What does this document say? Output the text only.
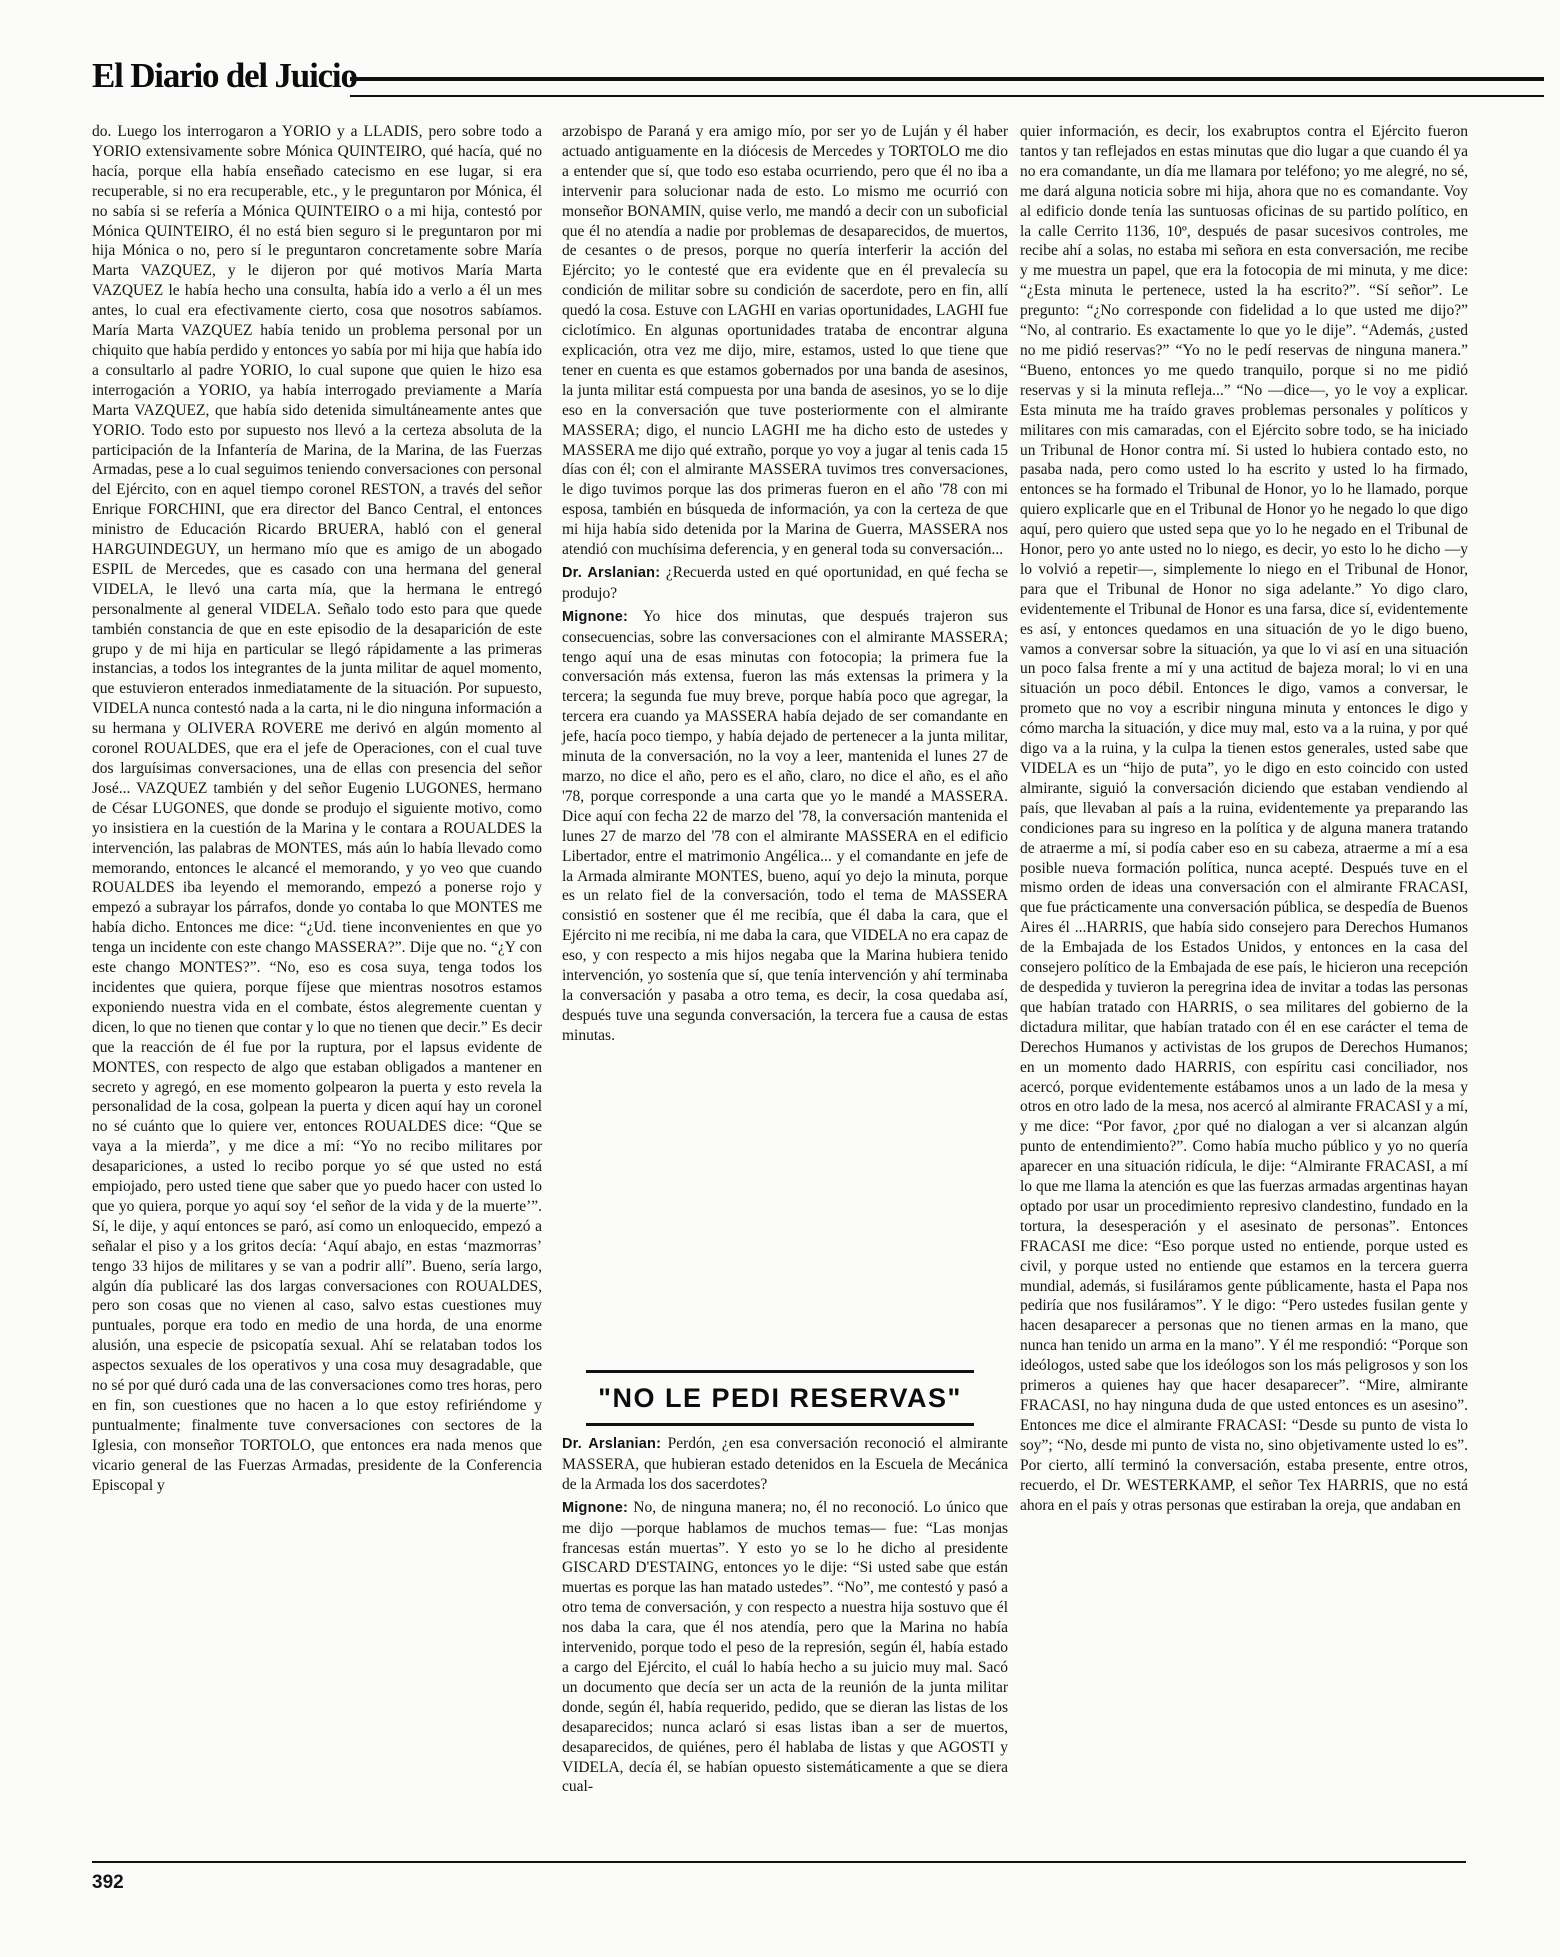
El Diario del Juicio

do. Luego los interrogaron a YORIO y a LLADIS, pero sobre todo a YORIO extensivamente sobre Mónica QUINTEIRO, qué hacía, qué no hacía, porque ella había enseñado catecismo en ese lugar, si era recuperable, si no era recuperable, etc., y le preguntaron por Mónica, él no sabía si se refería a Mónica QUINTEIRO o a mi hija, contestó por Mónica QUINTEIRO, él no está bien seguro si le preguntaron por mi hija Mónica o no, pero sí le preguntaron concretamente sobre María Marta VAZQUEZ, y le dijeron por qué motivos María Marta VAZQUEZ le había hecho una consulta, había ido a verlo a él un mes antes, lo cual era efectivamente cierto, cosa que nosotros sabíamos. María Marta VAZQUEZ había tenido un problema personal por un chiquito que había perdido y entonces yo sabía por mi hija que había ido a consultarlo al padre YORIO, lo cual supone que quien le hizo esa interrogación a YORIO, ya había interrogado previamente a María Marta VAZQUEZ, que había sido detenida simultáneamente antes que YORIO. Todo esto por supuesto nos llevó a la certeza absoluta de la participación de la Infantería de Marina, de la Marina, de las Fuerzas Armadas, pese a lo cual seguimos teniendo conversaciones con personal del Ejército, con en aquel tiempo coronel RESTON, a través del señor Enrique FORCHINI, que era director del Banco Central, el entonces ministro de Educación Ricardo BRUERA, habló con el general HARGUINDEGUY, un hermano mío que es amigo de un abogado ESPIL de Mercedes, que es casado con una hermana del general VIDELA, le llevó una carta mía, que la hermana le entregó personalmente al general VIDELA. Señalo todo esto para que quede también constancia de que en este episodio de la desaparición de este grupo y de mi hija en particular se llegó rápidamente a las primeras instancias, a todos los integrantes de la junta militar de aquel momento, que estuvieron enterados inmediatamente de la situación. Por supuesto, VIDELA nunca contestó nada a la carta, ni le dio ninguna información a su hermana y OLIVERA ROVERE me derivó en algún momento al coronel ROUALDES, que era el jefe de Operaciones, con el cual tuve dos larguísimas conversaciones, una de ellas con presencia del señor José... VAZQUEZ también y del señor Eugenio LUGONES, hermano de César LUGONES, que donde se produjo el siguiente motivo, como yo insistiera en la cuestión de la Marina y le contara a ROUALDES la intervención, las palabras de MONTES, más aún lo había llevado como memorando, entonces le alcancé el memorando, y yo veo que cuando ROUALDES iba leyendo el memorando, empezó a ponerse rojo y empezó a subrayar los párrafos, donde yo contaba lo que MONTES me había dicho. Entonces me dice: “¿Ud. tiene inconvenientes en que yo tenga un incidente con este chango MASSERA?”. Dije que no. “¿Y con este chango MONTES?”. “No, eso es cosa suya, tenga todos los incidentes que quiera, porque fíjese que mientras nosotros estamos exponiendo nuestra vida en el combate, éstos alegremente cuentan y dicen, lo que no tienen que contar y lo que no tienen que decir.” Es decir que la reacción de él fue por la ruptura, por el lapsus evidente de MONTES, con respecto de algo que estaban obligados a mantener en secreto y agregó, en ese momento golpearon la puerta y esto revela la personalidad de la cosa, golpean la puerta y dicen aquí hay un coronel no sé cuánto que lo quiere ver, entonces ROUALDES dice: “Que se vaya a la mierda”, y me dice a mí: “Yo no recibo militares por desapariciones, a usted lo recibo porque yo sé que usted no está empiojado, pero usted tiene que saber que yo puedo hacer con usted lo que yo quiera, porque yo aquí soy ‘el señor de la vida y de la muerte’”. Sí, le dije, y aquí entonces se paró, así como un enloquecido, empezó a señalar el piso y a los gritos decía: ‘Aquí abajo, en estas ‘mazmorras’ tengo 33 hijos de militares y se van a podrir allí”. Bueno, sería largo, algún día publicaré las dos largas conversaciones con ROUALDES, pero son cosas que no vienen al caso, salvo estas cuestiones muy puntuales, porque era todo en medio de una horda, de una enorme alusión, una especie de psicopatía sexual. Ahí se relataban todos los aspectos sexuales de los operativos y una cosa muy desagradable, que no sé por qué duró cada una de las conversaciones como tres horas, pero en fin, son cuestiones que no hacen a lo que estoy refiriéndome y puntualmente; finalmente tuve conversaciones con sectores de la Iglesia, con monseñor TORTOLO, que entonces era nada menos que vicario general de las Fuerzas Armadas, presidente de la Conferencia Episcopal y

arzobispo de Paraná y era amigo mío, por ser yo de Luján y él haber actuado antiguamente en la diócesis de Mercedes y TORTOLO me dio a entender que sí, que todo eso estaba ocurriendo, pero que él no iba a intervenir para solucionar nada de esto. Lo mismo me ocurrió con monseñor BONAMIN, quise verlo, me mandó a decir con un suboficial que él no atendía a nadie por problemas de desaparecidos, de muertos, de cesantes o de presos, porque no quería interferir la acción del Ejército; yo le contesté que era evidente que en él prevalecía su condición de militar sobre su condición de sacerdote, pero en fin, allí quedó la cosa. Estuve con LAGHI en varias oportunidades, LAGHI fue ciclotímico. En algunas oportunidades trataba de encontrar alguna explicación, otra vez me dijo, mire, estamos, usted lo que tiene que tener en cuenta es que estamos gobernados por una banda de asesinos, la junta militar está compuesta por una banda de asesinos, yo se lo dije eso en la conversación que tuve posteriormente con el almirante MASSERA; digo, el nuncio LAGHI me ha dicho esto de ustedes y MASSERA me dijo qué extraño, porque yo voy a jugar al tenis cada 15 días con él; con el almirante MASSERA tuvimos tres conversaciones, le digo tuvimos porque las dos primeras fueron en el año '78 con mi esposa, también en búsqueda de información, ya con la certeza de que mi hija había sido detenida por la Marina de Guerra, MASSERA nos atendió con muchísima deferencia, y en general toda su conversación...

Dr. Arslanian: ¿Recuerda usted en qué oportunidad, en qué fecha se produjo?

Mignone: Yo hice dos minutas, que después trajeron sus consecuencias, sobre las conversaciones con el almirante MASSERA; tengo aquí una de esas minutas con fotocopia; la primera fue la conversación más extensa, fueron las más extensas la primera y la tercera; la segunda fue muy breve, porque había poco que agregar, la tercera era cuando ya MASSERA había dejado de ser comandante en jefe, hacía poco tiempo, y había dejado de pertenecer a la junta militar, minuta de la conversación, no la voy a leer, mantenida el lunes 27 de marzo, no dice el año, pero es el año, claro, no dice el año, es el año '78, porque corresponde a una carta que yo le mandé a MASSERA. Dice aquí con fecha 22 de marzo del '78, la conversación mantenida el lunes 27 de marzo del '78 con el almirante MASSERA en el edificio Libertador, entre el matrimonio Angélica... y el comandante en jefe de la Armada almirante MONTES, bueno, aquí yo dejo la minuta, porque es un relato fiel de la conversación, todo el tema de MASSERA consistió en sostener que él me recibía, que él daba la cara, que el Ejército ni me recibía, ni me daba la cara, que VIDELA no era capaz de eso, y con respecto a mis hijos negaba que la Marina hubiera tenido intervención, yo sostenía que sí, que tenía intervención y ahí terminaba la conversación y pasaba a otro tema, es decir, la cosa quedaba así, después tuve una segunda conversación, la tercera fue a causa de estas minutas.

"NO LE PEDI RESERVAS"

Dr. Arslanian: Perdón, ¿en esa conversación reconoció el almirante MASSERA, que hubieran estado detenidos en la Escuela de Mecánica de la Armada los dos sacerdotes?

Mignone: No, de ninguna manera; no, él no reconoció. Lo único que me dijo —porque hablamos de muchos temas— fue: “Las monjas francesas están muertas”. Y esto yo se lo he dicho al presidente GISCARD D'ESTAING, entonces yo le dije: “Si usted sabe que están muertas es porque las han matado ustedes”. “No”, me contestó y pasó a otro tema de conversación, y con respecto a nuestra hija sostuvo que él nos daba la cara, que él nos atendía, pero que la Marina no había intervenido, porque todo el peso de la represión, según él, había estado a cargo del Ejército, el cuál lo había hecho a su juicio muy mal. Sacó un documento que decía ser un acta de la reunión de la junta militar donde, según él, había requerido, pedido, que se dieran las listas de los desaparecidos; nunca aclaró si esas listas iban a ser de muertos, desaparecidos, de quiénes, pero él hablaba de listas y que AGOSTI y VIDELA, decía él, se habían opuesto sistemáticamente a que se diera cual-

quier información, es decir, los exabruptos contra el Ejército fueron tantos y tan reflejados en estas minutas que dio lugar a que cuando él ya no era comandante, un día me llamara por teléfono; yo me alegré, no sé, me dará alguna noticia sobre mi hija, ahora que no es comandante. Voy al edificio donde tenía las suntuosas oficinas de su partido político, en la calle Cerrito 1136, 10º, después de pasar sucesivos controles, me recibe ahí a solas, no estaba mi señora en esta conversación, me recibe y me muestra un papel, que era la fotocopia de mi minuta, y me dice: “¿Esta minuta le pertenece, usted la ha escrito?”. “Sí señor”. Le pregunto: “¿No corresponde con fidelidad a lo que usted me dijo?” “No, al contrario. Es exactamente lo que yo le dije”. “Además, ¿usted no me pidió reservas?” “Yo no le pedí reservas de ninguna manera.” “Bueno, entonces yo me quedo tranquilo, porque si no me pidió reservas y si la minuta refleja...” “No —dice—, yo le voy a explicar. Esta minuta me ha traído graves problemas personales y políticos y militares con mis camaradas, con el Ejército sobre todo, se ha iniciado un Tribunal de Honor contra mí. Si usted lo hubiera contado esto, no pasaba nada, pero como usted lo ha escrito y usted lo ha firmado, entonces se ha formado el Tribunal de Honor, yo lo he llamado, porque quiero explicarle que en el Tribunal de Honor yo he negado lo que digo aquí, pero quiero que usted sepa que yo lo he negado en el Tribunal de Honor, pero yo ante usted no lo niego, es decir, yo esto lo he dicho —y lo volvió a repetir—, simplemente lo niego en el Tribunal de Honor, para que el Tribunal de Honor no siga adelante.” Yo digo claro, evidentemente el Tribunal de Honor es una farsa, dice sí, evidentemente es así, y entonces quedamos en una situación de yo le digo bueno, vamos a conversar sobre la situación, ya que lo vi así en una situación un poco falsa frente a mí y una actitud de bajeza moral; lo vi en una situación un poco débil. Entonces le digo, vamos a conversar, le prometo que no voy a escribir ninguna minuta y entonces le digo y cómo marcha la situación, y dice muy mal, esto va a la ruina, y por qué digo va a la ruina, y la culpa la tienen estos generales, usted sabe que VIDELA es un “hijo de puta”, yo le digo en esto coincido con usted almirante, siguió la conversación diciendo que estaban vendiendo al país, que llevaban al país a la ruina, evidentemente ya preparando las condiciones para su ingreso en la política y de alguna manera tratando de atraerme a mí, si podía caber eso en su cabeza, atraerme a mí a esa posible nueva formación política, nunca acepté. Después tuve en el mismo orden de ideas una conversación con el almirante FRACASI, que fue prácticamente una conversación pública, se despedía de Buenos Aires él ...HARRIS, que había sido consejero para Derechos Humanos de la Embajada de los Estados Unidos, y entonces en la casa del consejero político de la Embajada de ese país, le hicieron una recepción de despedida y tuvieron la peregrina idea de invitar a todas las personas que habían tratado con HARRIS, o sea militares del gobierno de la dictadura militar, que habían tratado con él en ese carácter el tema de Derechos Humanos y activistas de los grupos de Derechos Humanos; en un momento dado HARRIS, con espíritu casi conciliador, nos acercó, porque evidentemente estábamos unos a un lado de la mesa y otros en otro lado de la mesa, nos acercó al almirante FRACASI y a mí, y me dice: “Por favor, ¿por qué no dialogan a ver si alcanzan algún punto de entendimiento?”. Como había mucho público y yo no quería aparecer en una situación ridícula, le dije: “Almirante FRACASI, a mí lo que me llama la atención es que las fuerzas armadas argentinas hayan optado por usar un procedimiento represivo clandestino, fundado en la tortura, la desesperación y el asesinato de personas”. Entonces FRACASI me dice: “Eso porque usted no entiende, porque usted es civil, y porque usted no entiende que estamos en la tercera guerra mundial, además, si fusiláramos gente públicamente, hasta el Papa nos pediría que nos fusiláramos”. Y le digo: “Pero ustedes fusilan gente y hacen desaparecer a personas que no tienen armas en la mano, que nunca han tenido un arma en la mano”. Y él me respondió: “Porque son ideólogos, usted sabe que los ideólogos son los más peligrosos y son los primeros a quienes hay que hacer desaparecer”. “Mire, almirante FRACASI, no hay ninguna duda de que usted entonces es un asesino”. Entonces me dice el almirante FRACASI: “Desde su punto de vista lo soy”; “No, desde mi punto de vista no, sino objetivamente usted lo es”. Por cierto, allí terminó la conversación, estaba presente, entre otros, recuerdo, el Dr. WESTERKAMP, el señor Tex HARRIS, que no está ahora en el país y otras personas que estiraban la oreja, que andaban en

392
